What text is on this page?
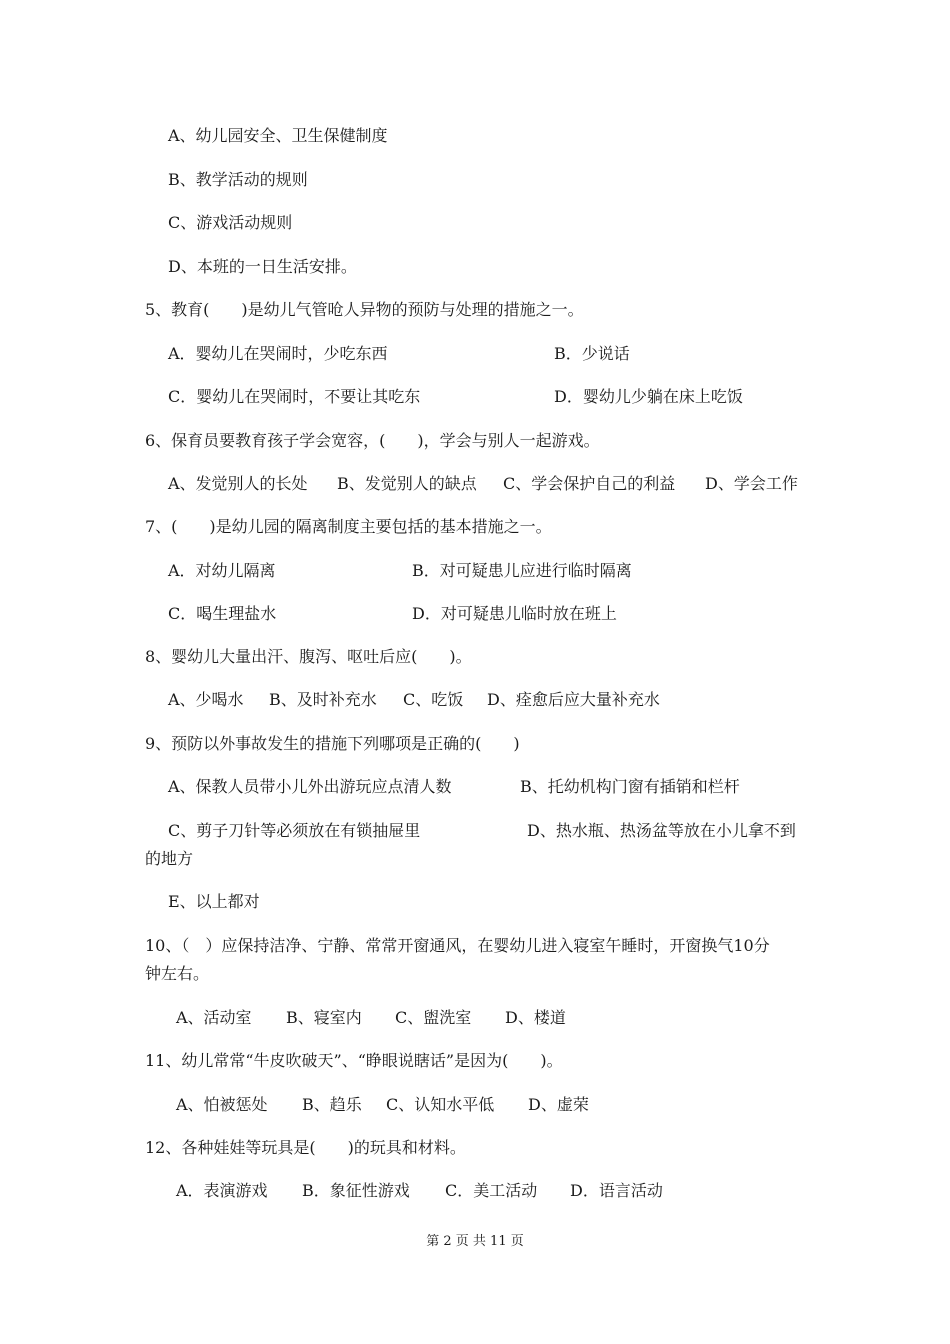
A、幼儿园安全、卫生保健制度
B、教学活动的规则
C、游戏活动规则
D、本班的一日生活安排。
5、教育(　　)是幼儿气管呛人异物的预防与处理的措施之一。
A．婴幼儿在哭闹时，少吃东西	B．少说话
C．婴幼儿在哭闹时，不要让其吃东	D．婴幼儿少躺在床上吃饭
6、保育员要教育孩子学会宽容，(　　)，学会与别人一起游戏。
A、发觉别人的长处 B、发觉别人的缺点 C、学会保护自己的利益 D、学会工作
7、(　　)是幼儿园的隔离制度主要包括的基本措施之一。
A．对幼儿隔离	B．对可疑患儿应进行临时隔离
C．喝生理盐水	D．对可疑患儿临时放在班上
8、婴幼儿大量出汗、腹泻、呕吐后应(　　)。
A、少喝水 B、及时补充水 C、吃饭 D、痊愈后应大量补充水
9、预防以外事故发生的措施下列哪项是正确的(　　)
A、保教人员带小儿外出游玩应点清人数	B、托幼机构门窗有插销和栏杆
C、剪子刀针等必须放在有锁抽屉里	D、热水瓶、热汤盆等放在小儿拿不到
的地方
E、以上都对
10、（　）应保持洁净、宁静、常常开窗通风，在婴幼儿进入寝室午睡时，开窗换气10分
钟左右。
A、活动室 B、寝室内 C、盥洗室 D、楼道
11、幼儿常常“牛皮吹破天”、“睁眼说瞎话”是因为(　　)。
A、怕被惩处 B、趋乐 C、认知水平低 D、虚荣
12、各种娃娃等玩具是(　　)的玩具和材料。
A．表演游戏 B．象征性游戏 C．美工活动 D．语言活动
第 2 页 共 11 页
